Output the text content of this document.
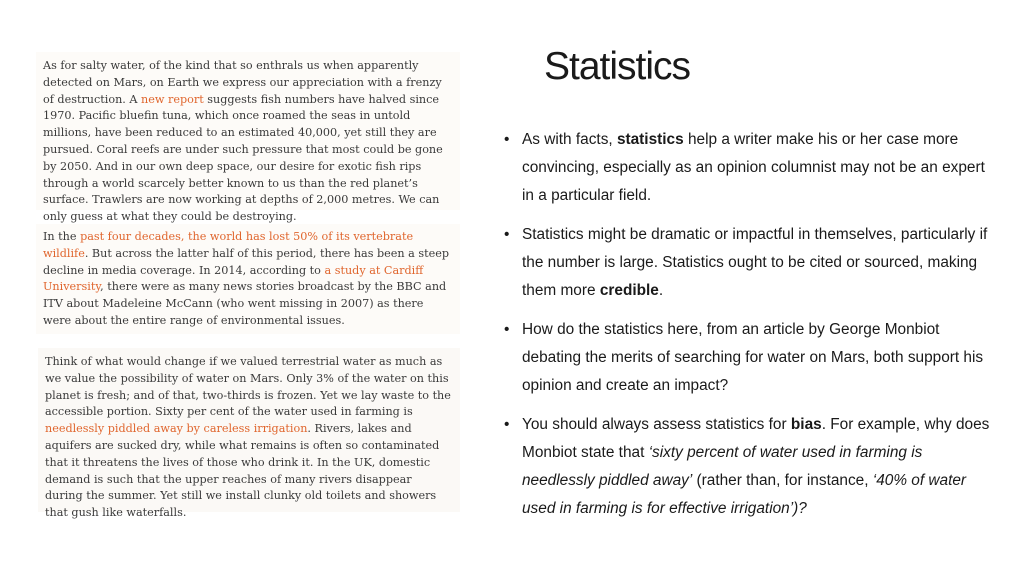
As for salty water, of the kind that so enthrals us when apparently detected on Mars, on Earth we express our appreciation with a frenzy of destruction. A new report suggests fish numbers have halved since 1970. Pacific bluefin tuna, which once roamed the seas in untold millions, have been reduced to an estimated 40,000, yet still they are pursued. Coral reefs are under such pressure that most could be gone by 2050. And in our own deep space, our desire for exotic fish rips through a world scarcely better known to us than the red planet’s surface. Trawlers are now working at depths of 2,000 metres. We can only guess at what they could be destroying.

In the past four decades, the world has lost 50% of its vertebrate wildlife. But across the latter half of this period, there has been a steep decline in media coverage. In 2014, according to a study at Cardiff University, there were as many news stories broadcast by the BBC and ITV about Madeleine McCann (who went missing in 2007) as there were about the entire range of environmental issues.

Think of what would change if we valued terrestrial water as much as we value the possibility of water on Mars. Only 3% of the water on this planet is fresh; and of that, two-thirds is frozen. Yet we lay waste to the accessible portion. Sixty per cent of the water used in farming is needlessly piddled away by careless irrigation. Rivers, lakes and aquifers are sucked dry, while what remains is often so contaminated that it threatens the lives of those who drink it. In the UK, domestic demand is such that the upper reaches of many rivers disappear during the summer. Yet still we install clunky old toilets and showers that gush like waterfalls.

Statistics
• As with facts, statistics help a writer make his or her case more convincing, especially as an opinion columnist may not be an expert in a particular field.
• Statistics might be dramatic or impactful in themselves, particularly if the number is large. Statistics ought to be cited or sourced, making them more credible.
• How do the statistics here, from an article by George Monbiot debating the merits of searching for water on Mars, both support his opinion and create an impact?
• You should always assess statistics for bias. For example, why does Monbiot state that ‘sixty percent of water used in farming is needlessly piddled away’ (rather than, for instance, ‘40% of water used in farming is for effective irrigation’)?
